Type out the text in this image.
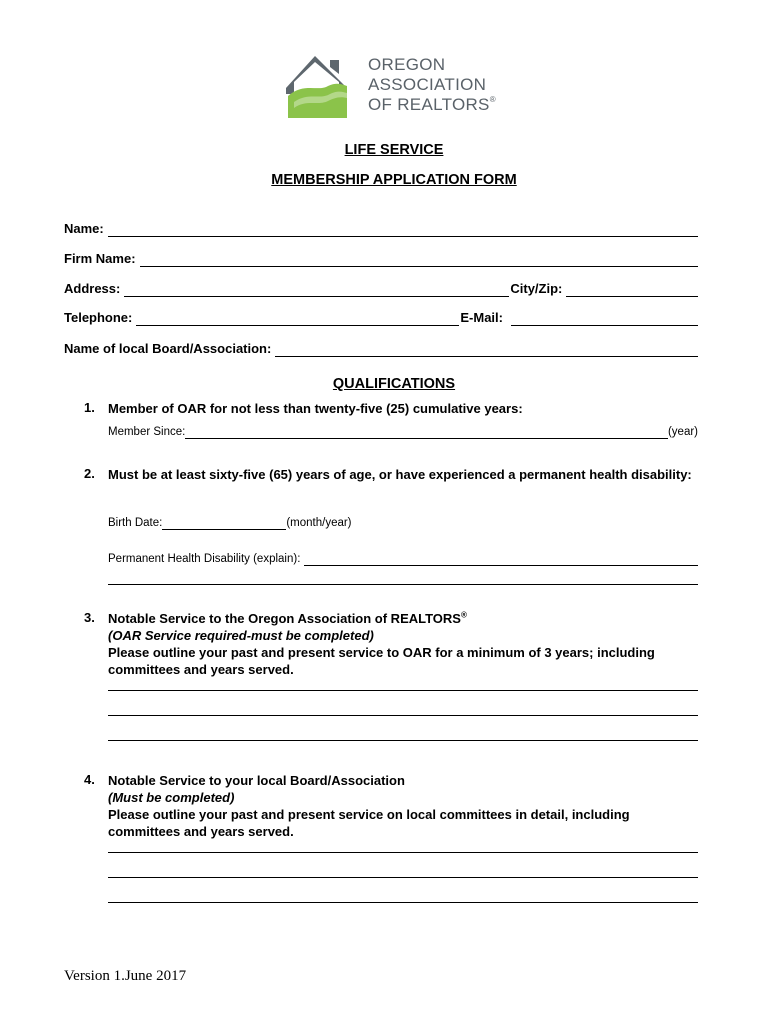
OREGON
ASSOCIATION
OF REALTORS®
LIFE SERVICE
MEMBERSHIP APPLICATION FORM
Name:
Firm Name:
Address:	City/Zip:
Telephone:	E-Mail:
Name of local Board/Association:
QUALIFICATIONS
1. Member of OAR for not less than twenty-five (25) cumulative years:
Member Since:	(year)
2. Must be at least sixty-five (65) years of age, or have experienced a permanent health disability:
Birth Date:	(month/year)
Permanent Health Disability (explain):
3. Notable Service to the Oregon Association of REALTORS®
(OAR Service required-must be completed)
Please outline your past and present service to OAR for a minimum of 3 years; including committees and years served.
4. Notable Service to your local Board/Association
(Must be completed)
Please outline your past and present service on local committees in detail, including committees and years served.
Version 1.June 2017
